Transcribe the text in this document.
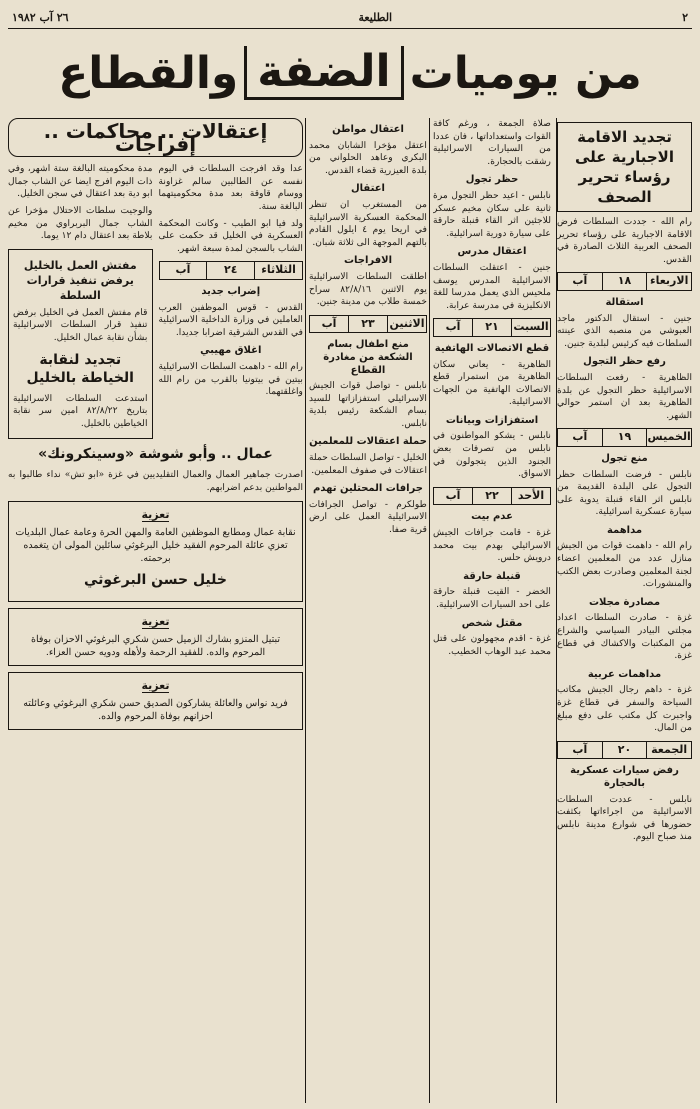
٢
الطليعة
٢٦ آب ١٩٨٢
من يوميات
الضفة
والقطاع
تجديد الاقامة الاجبارية على رؤساء تحرير الصحف

رام الله - جددت السلطات فرض الاقامة الاجبارية على رؤساء تحرير الصحف العربية الثلاث الصادرة في القدس.

الاربعاء
١٨
آب
استقالة

جنين - استقال الدكتور ماجد العبوشي من منصبه الذي عينته السلطات فيه كرئيس لبلدية جنين.

رفع حظر التجول

الظاهرية - رفعت السلطات الاسرائيلية حظر التجول عن بلدة الظاهرية بعد ان استمر حوالي الشهر.

الخميس
١٩
آب
منع تجول

نابلس - فرضت السلطات حظر التجول على البلدة القديمة من نابلس اثر القاء قنبلة يدوية على سيارة عسكرية اسرائيلية.

مداهمة

رام الله - داهمت قوات من الجيش منازل عدد من المعلمين اعضاء لجنة المعلمين وصادرت بعض الكتب والمنشورات.

مصادرة مجلات

غزة - صادرت السلطات اعداد مجلتي البيادر السياسي والشراع من المكتبات والاكشاك في قطاع غزة.

مداهمات عربية

غزة - داهم رجال الجيش مكاتب السياحة والسفر في قطاع غزة واجبرت كل مكتب على دفع مبلغ من المال.

الجمعة
٢٠
آب
رفض سيارات عسكرية بالحجارة

نابلس - عددت السلطات الاسرائيلية من اجراءاتها بكثفت حضورها في شوارع مدينة نابلس منذ صباح اليوم.

صلاة الجمعة ، ورغم كافة القوات واستعداداتها ، فان عددا من السيارات الاسرائيلية رشقت بالحجارة.

حظر تجول

نابلس - اعيد حظر التجول مرة ثانية على سكان مخيم عسكر للاجئين اثر القاء قنبلة حارقة على سيارة دورية اسرائيلية.

اعتقال مدرس

جنين - اعتقلت السلطات الاسرائيلية المدرس يوسف ملحيس الذي يعمل مدرسا للغة الانكليزية في مدرسة عرابة.

السبت
٢١
آب
قطع الاتصالات الهاتفية

الظاهرية - يعاني سكان الظاهرية من استمرار قطع الاتصالات الهاتفية من الجهات الاسرائيلية.

استفزازات وبيانات

نابلس - يشكو المواطنون في نابلس من تصرفات بعض الجنود الذين يتجولون في الاسواق.

الأحد
٢٢
آب
عدم بيت

غزة - قامت جرافات الجيش الاسرائيلي بهدم بيت محمد درويش حلس.

قنبلة حارقة

الخضر - القيت قنبلة حارقة على احد السيارات الاسرائيلية.

مقتل شخص

غزة - اقدم مجهولون على قتل محمد عبد الوهاب الخطيب.

اعتقال مواطن

اعتقل مؤخرا الشابان محمد البكري وعاهد الحلواني من بلدة العيزرية قضاء القدس.

اعتقال

من المستغرب ان تنظر المحكمة العسكرية الاسرائيلية في اريحا يوم ٤ ايلول القادم بالتهم الموجهة الى ثلاثة شبان.

الافراجات

اطلقت السلطات الاسرائيلية يوم الاثنين ٨٢/٨/١٦ سراح خمسة طلاب من مدينة جنين.

الاثنين
٢٣
آب
منع اطفال بسام الشكعة من مغادرة القطاع

نابلس - تواصل قوات الجيش الاسرائيلي استفزازاتها للسيد بسام الشكعة رئيس بلدية نابلس.

حملة اعتقالات للمعلمين

الخليل - تواصل السلطات حملة اعتقالات في صفوف المعلمين.

جرافات المحتلين تهدم

طولكرم - تواصل الجرافات الاسرائيلية العمل على ارض قرية صفا.

إعتقالات .. محاكمات .. إفراجات

عدا وقد افرجت السلطات في اليوم نفسه عن الطالبين سالم غزاونة ووسام قاوقة بعد مدة محكوميتهما البالغة سنة.

ولد فيا ابو الطيب - وكانت المحكمة العسكرية في الخليل قد حكمت على الشاب بالسجن لمدة سبعة اشهر.

الثلاثاء
٢٤
آب
إضراب جديد

القدس - قوس الموظفين العرب العاملين في وزارة الداخلية الاسرائيلية في القدس الشرقية اضرابا جديدا.

اغلاق مهيبي

رام الله - داهمت السلطات الاسرائيلية بيتين في بيتونيا بالقرب من رام الله واغلقتهما.

مدة محكوميته البالغة ستة اشهر، وفي ذات اليوم افرج ايضا عن الشاب جمال ابو دية بعد اعتقال في سجن الخليل.

والوجيت سلطات الاحتلال مؤخرا عن الشاب جمال البربراوي من مخيم بلاطة بعد اعتقال دام ١٢ يوما.

مفتش العمل بالخليل يرفض تنفيذ قرارات السلطة

قام مفتش العمل في الخليل برفض تنفيذ قرار السلطات الاسرائيلية بشأن نقابة عمال الخليل.

تجديد لنقابة الخياطة بالخليل

استدعت السلطات الاسرائيلية بتاريخ ٨٢/٨/٢٢ امين سر نقابة الخياطين بالخليل.

عمال .. وأبو شوشة «وسينكرونك»

اصدرت جماهير العمال والعمال التقليديين في غزة «ابو تش» نداء طالبوا به المواطنين بدعم اضرابهم.

تعزية
نقابة عمال ومطابع الموظفين العامة والمهن الحرة وعامة عمال البلديات تعزي عائلة المرحوم الفقيد خليل البرغوثي سائلين المولى ان يتغمده برحمته.
خليل حسن البرغوثي
تعزية
تبتيل المنزو بشارك الزميل حسن شكري البرغوثي الاحزان بوفاة المرحوم والده. للفقيد الرحمة ولأهله ودويه حسن العزاء.
تعزية
فريد نواس والعائلة يشاركون الصديق حسن شكري البرغوثي وعائلته احزانهم بوفاة المرحوم والده.
